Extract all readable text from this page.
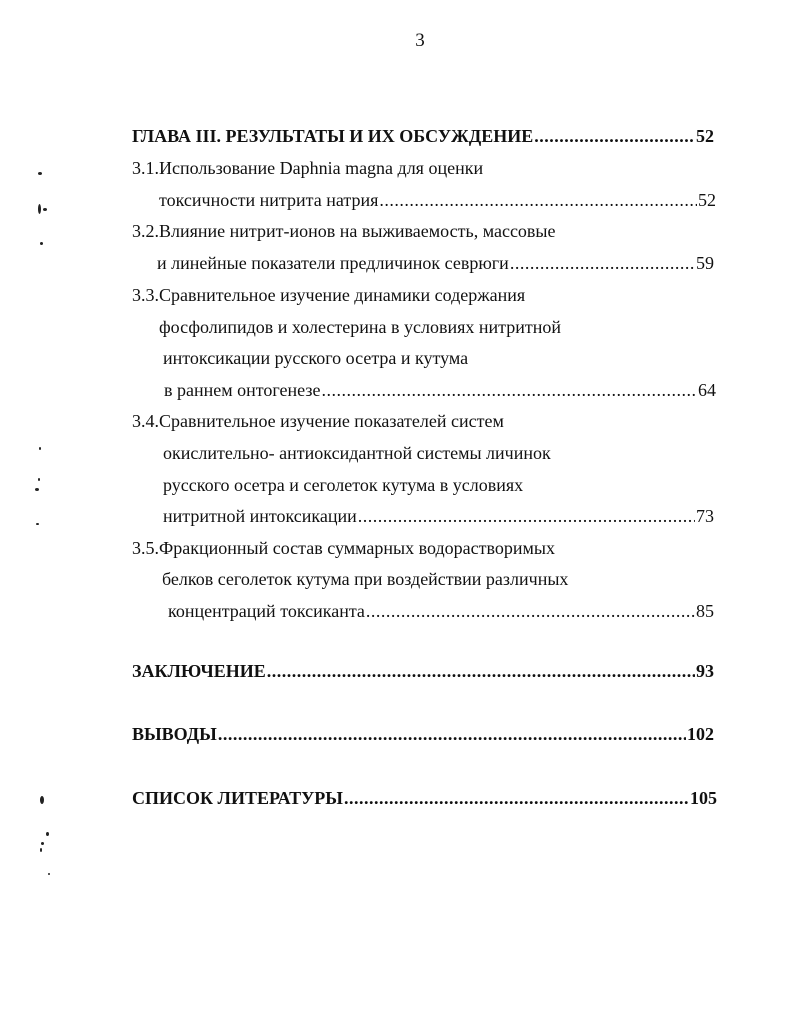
3
ГЛАВА III. РЕЗУЛЬТАТЫ И ИХ ОБСУЖДЕНИЕ .....	52
3.1.Использование Daphnia magna для оценки
токсичности нитрита натрия .....	52
3.2.Влияние нитрит-ионов на выживаемость, массовые
и линейные показатели предличинок севрюги .....	59
3.3.Сравнительное изучение динамики содержания
фосфолипидов и холестерина в условиях нитритной
интоксикации русского осетра и кутума
в раннем онтогенезе .....	64
3.4.Сравнительное изучение показателей систем
окислительно- антиоксидантной системы личинок
русского осетра и сеголеток кутума в условиях
нитритной интоксикации .....	73
3.5.Фракционный состав суммарных водорастворимых
белков сеголеток кутума при воздействии различных
концентраций токсиканта .....	85
ЗАКЛЮЧЕНИЕ .....	93
ВЫВОДЫ .....	102
СПИСОК ЛИТЕРАТУРЫ .....	105
